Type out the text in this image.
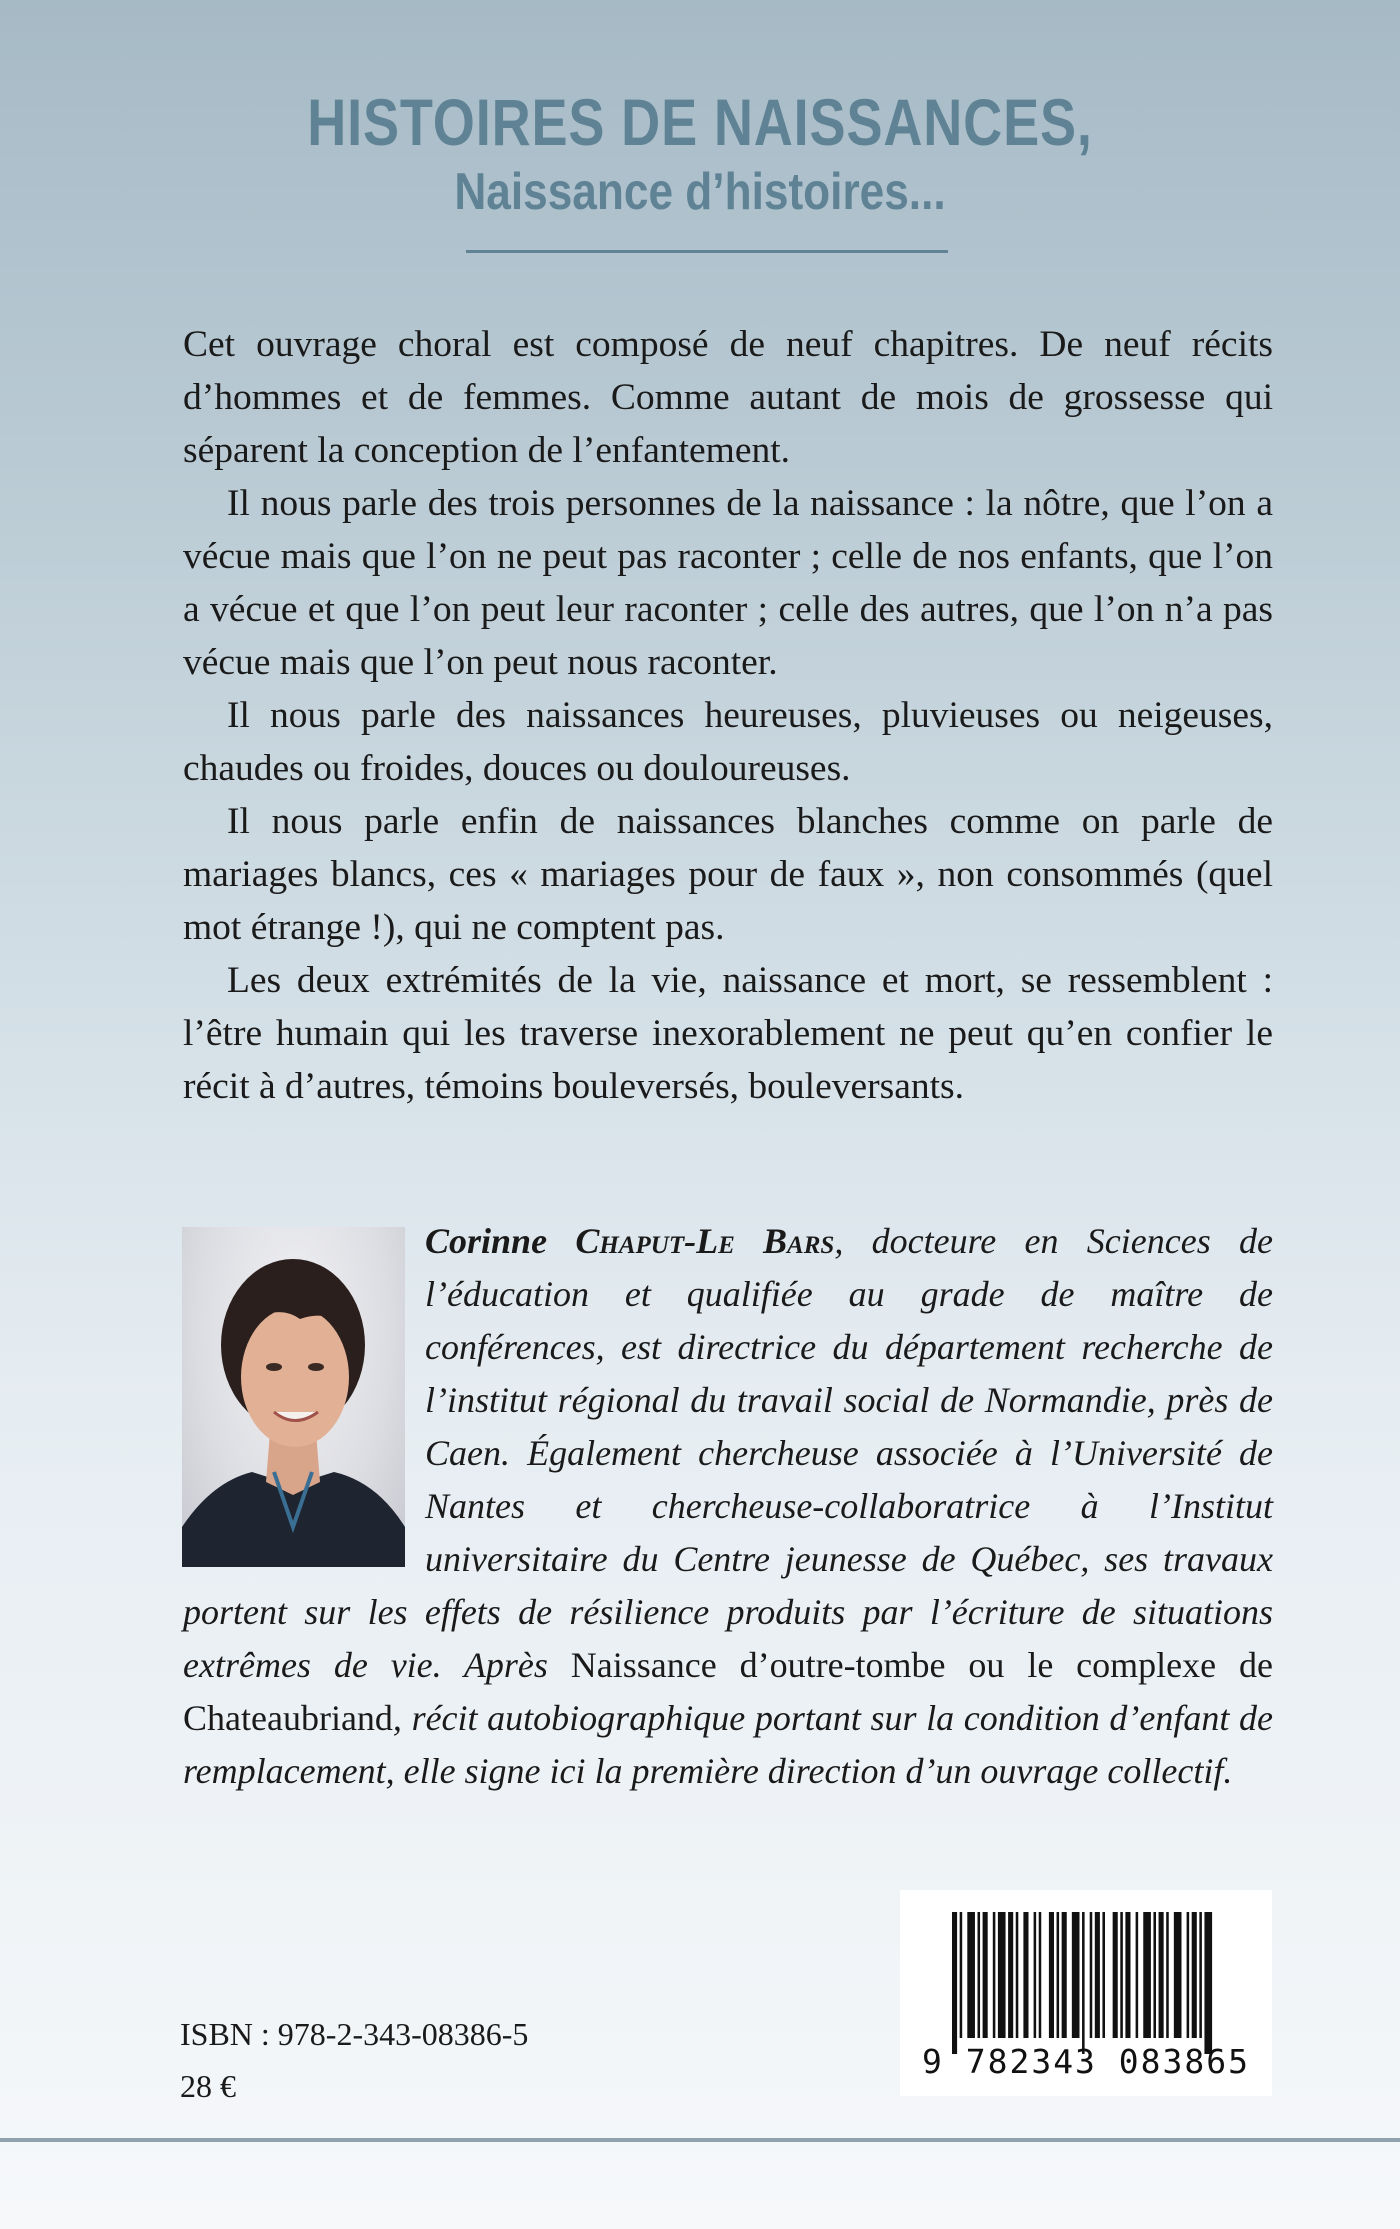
HISTOIRES DE NAISSANCES,
Naissance d’histoires...

Cet ouvrage choral est composé de neuf chapitres. De neuf récits d’hommes et de femmes. Comme autant de mois de grossesse qui séparent la conception de l’enfantement.

Il nous parle des trois personnes de la naissance : la nôtre, que l’on a vécue mais que l’on ne peut pas raconter ; celle de nos enfants, que l’on a vécue et que l’on peut leur raconter ; celle des autres, que l’on n’a pas vécue mais que l’on peut nous raconter.

Il nous parle des naissances heureuses, pluvieuses ou neigeuses, chaudes ou froides, douces ou douloureuses.

Il nous parle enfin de naissances blanches comme on parle de mariages blancs, ces « mariages pour de faux », non consommés (quel mot étrange !), qui ne comptent pas.

Les deux extrémités de la vie, naissance et mort, se ressemblent : l’être humain qui les traverse inexorablement ne peut qu’en confier le récit à d’autres, témoins bouleversés, bouleversants.

Corinne Chaput-Le Bars, docteure en Sciences de l’éducation et qualifiée au grade de maître de conférences, est directrice du département recherche de l’institut régional du travail social de Normandie, près de Caen. Également chercheuse associée à l’Université de Nantes et chercheuse-collaboratrice à l’Institut universitaire du Centre jeunesse de Québec, ses travaux portent sur les effets de résilience produits par l’écriture de situations extrêmes de vie. Après Naissance d’outre-tombe ou le complexe de Chateaubriand, récit autobiographique portant sur la condition d’enfant de remplacement, elle signe ici la première direction d’un ouvrage collectif.
ISBN : 978-2-343-08386-5
28 €
9 782343 083865
